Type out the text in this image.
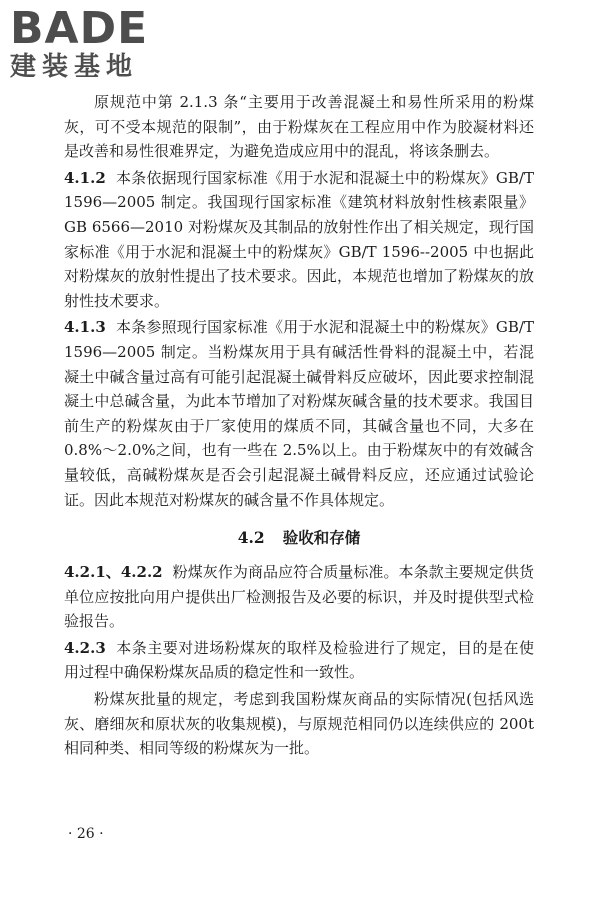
BADE
建装基地

原规范中第 2.1.3 条“主要用于改善混凝土和易性所采用的粉煤灰，可不受本规范的限制”，由于粉煤灰在工程应用中作为胶凝材料还是改善和易性很难界定，为避免造成应用中的混乱，将该条删去。

4.1.2 本条依据现行国家标准《用于水泥和混凝土中的粉煤灰》GB/T 1596—2005 制定。我国现行国家标准《建筑材料放射性核素限量》GB 6566—2010 对粉煤灰及其制品的放射性作出了相关规定，现行国家标准《用于水泥和混凝土中的粉煤灰》GB/T 1596--2005 中也据此对粉煤灰的放射性提出了技术要求。因此，本规范也增加了粉煤灰的放射性技术要求。

4.1.3 本条参照现行国家标准《用于水泥和混凝土中的粉煤灰》GB/T 1596—2005 制定。当粉煤灰用于具有碱活性骨料的混凝土中，若混凝土中碱含量过高有可能引起混凝土碱骨料反应破坏，因此要求控制混凝土中总碱含量，为此本节增加了对粉煤灰碱含量的技术要求。我国目前生产的粉煤灰由于厂家使用的煤质不同，其碱含量也不同，大多在 0.8%～2.0%之间，也有一些在 2.5%以上。由于粉煤灰中的有效碱含量较低，高碱粉煤灰是否会引起混凝土碱骨料反应，还应通过试验论证。因此本规范对粉煤灰的碱含量不作具体规定。

4.2 验收和存储

4.2.1、4.2.2 粉煤灰作为商品应符合质量标准。本条款主要规定供货单位应按批向用户提供出厂检测报告及必要的标识，并及时提供型式检验报告。

4.2.3 本条主要对进场粉煤灰的取样及检验进行了规定，目的是在使用过程中确保粉煤灰品质的稳定性和一致性。

粉煤灰批量的规定，考虑到我国粉煤灰商品的实际情况(包括风选灰、磨细灰和原状灰的收集规模)，与原规范相同仍以连续供应的 200t 相同种类、相同等级的粉煤灰为一批。

· 26 ·
